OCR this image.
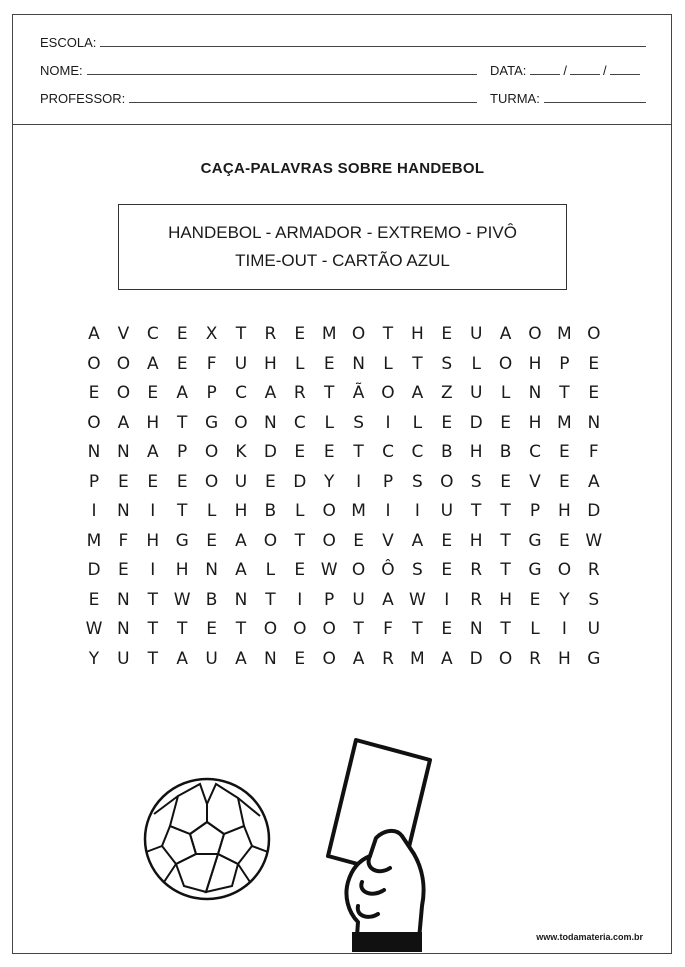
ESCOLA:
NOME:	DATA:	/	/
PROFESSOR:	TURMA:
CAÇA-PALAVRAS SOBRE HANDEBOL
HANDEBOL - ARMADOR - EXTREMO - PIVÔ
TIME-OUT - CARTÃO AZUL
A	V	C	E	X	T	R	E M O	T	H	E	U	A O M O
O O A	E	F	U H	L	E	N	L	T	S	L	O H	P	E
E	O	E	A	P	C	A	R	T	Ã O A	Z	U	L	N	T	E
O A	H	T	G O N	C	L	S	I	L	E	D	E	H M N
N N	A	P	O	K	D	E	E	T	C	C	B	H	B	C	E	F
P	E	E	E	O U	E	D	Y	I	P	S	O	S	E	V	E	A
I	N	I	T	L	H	B	L	O M	I	I	U	T	T	P	H D
M	F	H G	E	A O	T	O	E	V	A	E	H	T	G	E W
D	E	I	H N	A	L	E W O Ô	S	E	R	T	G O R
E	N	T W B	N	T	I	P	U	A W	I	R	H	E	Y	S
W N	T	T	E	T	O O O	T	F	T	E	N	T	L	I	U
Y	U	T	A	U	A	N	E	O A	R M A	D O R	H G
www.todamateria.com.br
